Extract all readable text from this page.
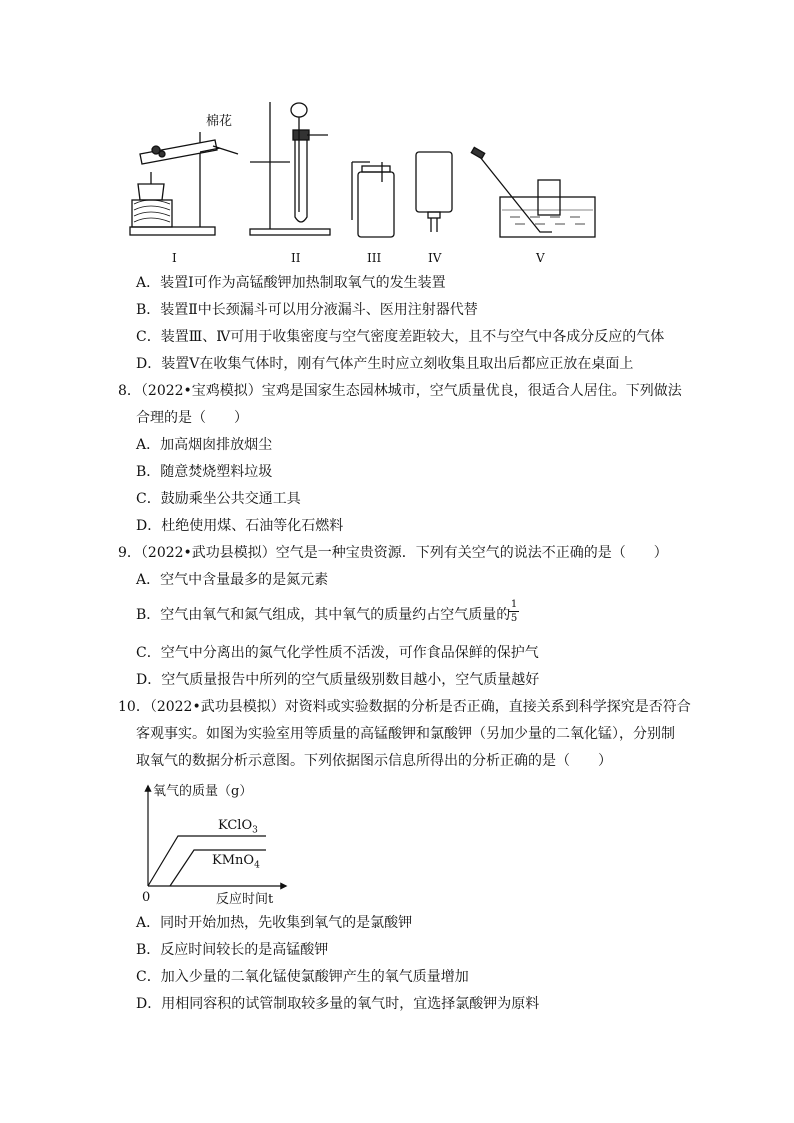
棉花
I	II	III	IV	V
A．装置Ⅰ可作为高锰酸钾加热制取氧气的发生装置
B．装置Ⅱ中长颈漏斗可以用分液漏斗、医用注射器代替
C．装置Ⅲ、Ⅳ可用于收集密度与空气密度差距较大，且不与空气中各成分反应的气体
D．装置Ⅴ在收集气体时，刚有气体产生时应立刻收集且取出后都应正放在桌面上
8．（2022•宝鸡模拟）宝鸡是国家生态园林城市，空气质量优良，很适合人居住。下列做法
合理的是（　　）
A．加高烟囱排放烟尘
B．随意焚烧塑料垃圾
C．鼓励乘坐公共交通工具
D．杜绝使用煤、石油等化石燃料
9．（2022•武功县模拟）空气是一种宝贵资源．下列有关空气的说法不正确的是（　　）
A．空气中含量最多的是氮元素
B．空气由氧气和氮气组成，其中氧气的质量约占空气质量的
1
5
C．空气中分离出的氮气化学性质不活泼，可作食品保鲜的保护气
D．空气质量报告中所列的空气质量级别数目越小，空气质量越好
10．（2022•武功县模拟）对资料或实验数据的分析是否正确，直接关系到科学探究是否符合
客观事实。如图为实验室用等质量的高锰酸钾和氯酸钾（另加少量的二氧化锰），分别制
取氧气的数据分析示意图。下列依据图示信息所得出的分析正确的是（　　）
氧气的质量（g）
KClO$_3$
KMnO$_4$
0	反应时间t
A．同时开始加热，先收集到氧气的是氯酸钾
B．反应时间较长的是高锰酸钾
C．加入少量的二氧化锰使氯酸钾产生的氧气质量增加
D．用相同容积的试管制取较多量的氧气时，宜选择氯酸钾为原料
